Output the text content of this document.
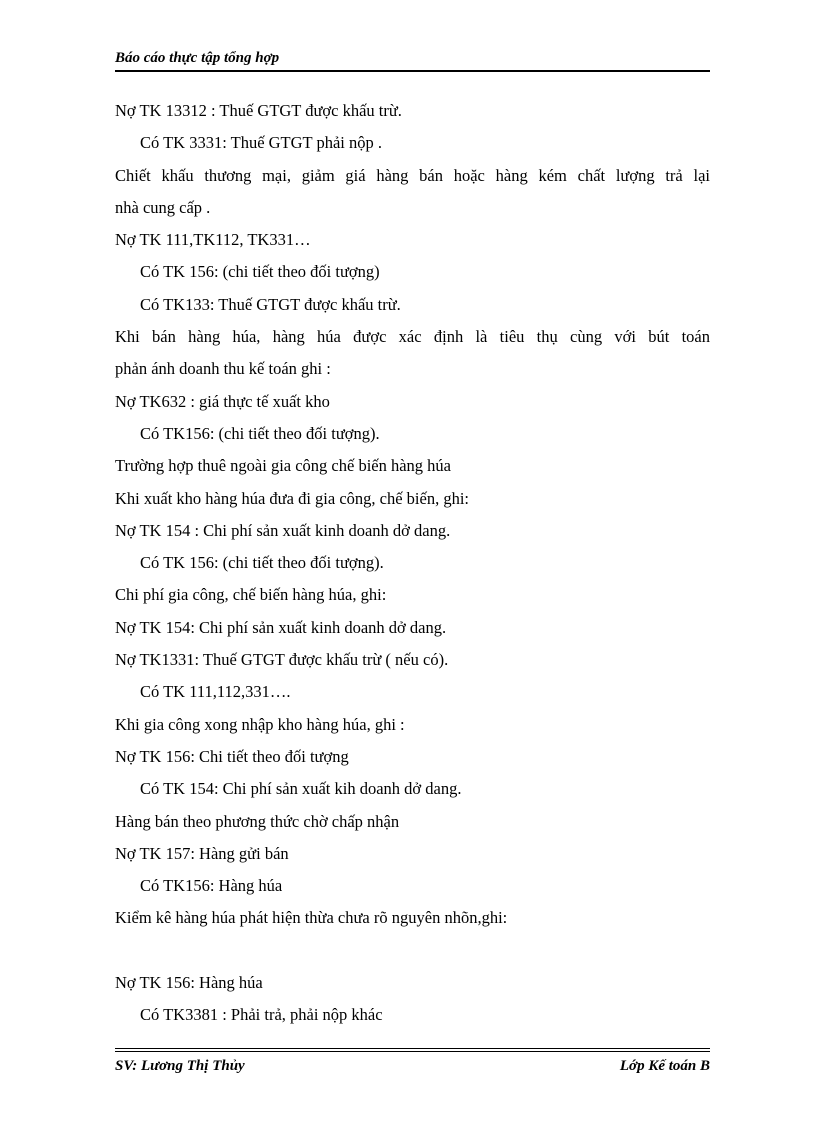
Báo cáo thực tập tổng hợp
Nợ TK 13312 : Thuế GTGT được khấu trừ.
Có TK 3331: Thuế GTGT phải nộp .
Chiết khấu thương mại, giảm giá hàng bán hoặc hàng kém chất lượng trả lại
nhà cung cấp .
Nợ TK 111,TK112, TK331…
Có TK 156: (chi tiết theo đối tượng)
Có TK133: Thuế GTGT được khấu trừ.
Khi bán hàng húa, hàng húa được xác định là tiêu thụ cùng với bút toán
phản ánh doanh thu kế toán ghi :
Nợ TK632 : giá thực tế xuất kho
Có TK156: (chi tiết theo đối tượng).
Trường hợp thuê ngoài gia công chế biến hàng húa
Khi xuất kho hàng húa đưa đi gia công, chế biến, ghi:
Nợ TK 154 : Chi phí sản xuất kinh doanh dở dang.
Có TK 156: (chi tiết theo đối tượng).
Chi phí gia công, chế biến hàng húa, ghi:
Nợ TK 154: Chi phí sản xuất kinh doanh dở dang.
Nợ TK1331: Thuế GTGT được khấu trừ ( nếu có).
Có TK 111,112,331….
Khi gia công xong nhập kho hàng húa, ghi :
Nợ TK 156: Chi tiết theo đối tượng
Có TK 154: Chi phí sản xuất kih doanh dở dang.
Hàng bán theo phương thức chờ chấp nhận
Nợ TK 157: Hàng gửi bán
Có TK156: Hàng húa
Kiểm kê hàng húa phát hiện thừa chưa rõ nguyên nhõn,ghi:
Nợ TK 156: Hàng húa
Có TK3381 : Phải trả, phải nộp khác
SV: Lương Thị Thủy	Lớp Kế toán B
